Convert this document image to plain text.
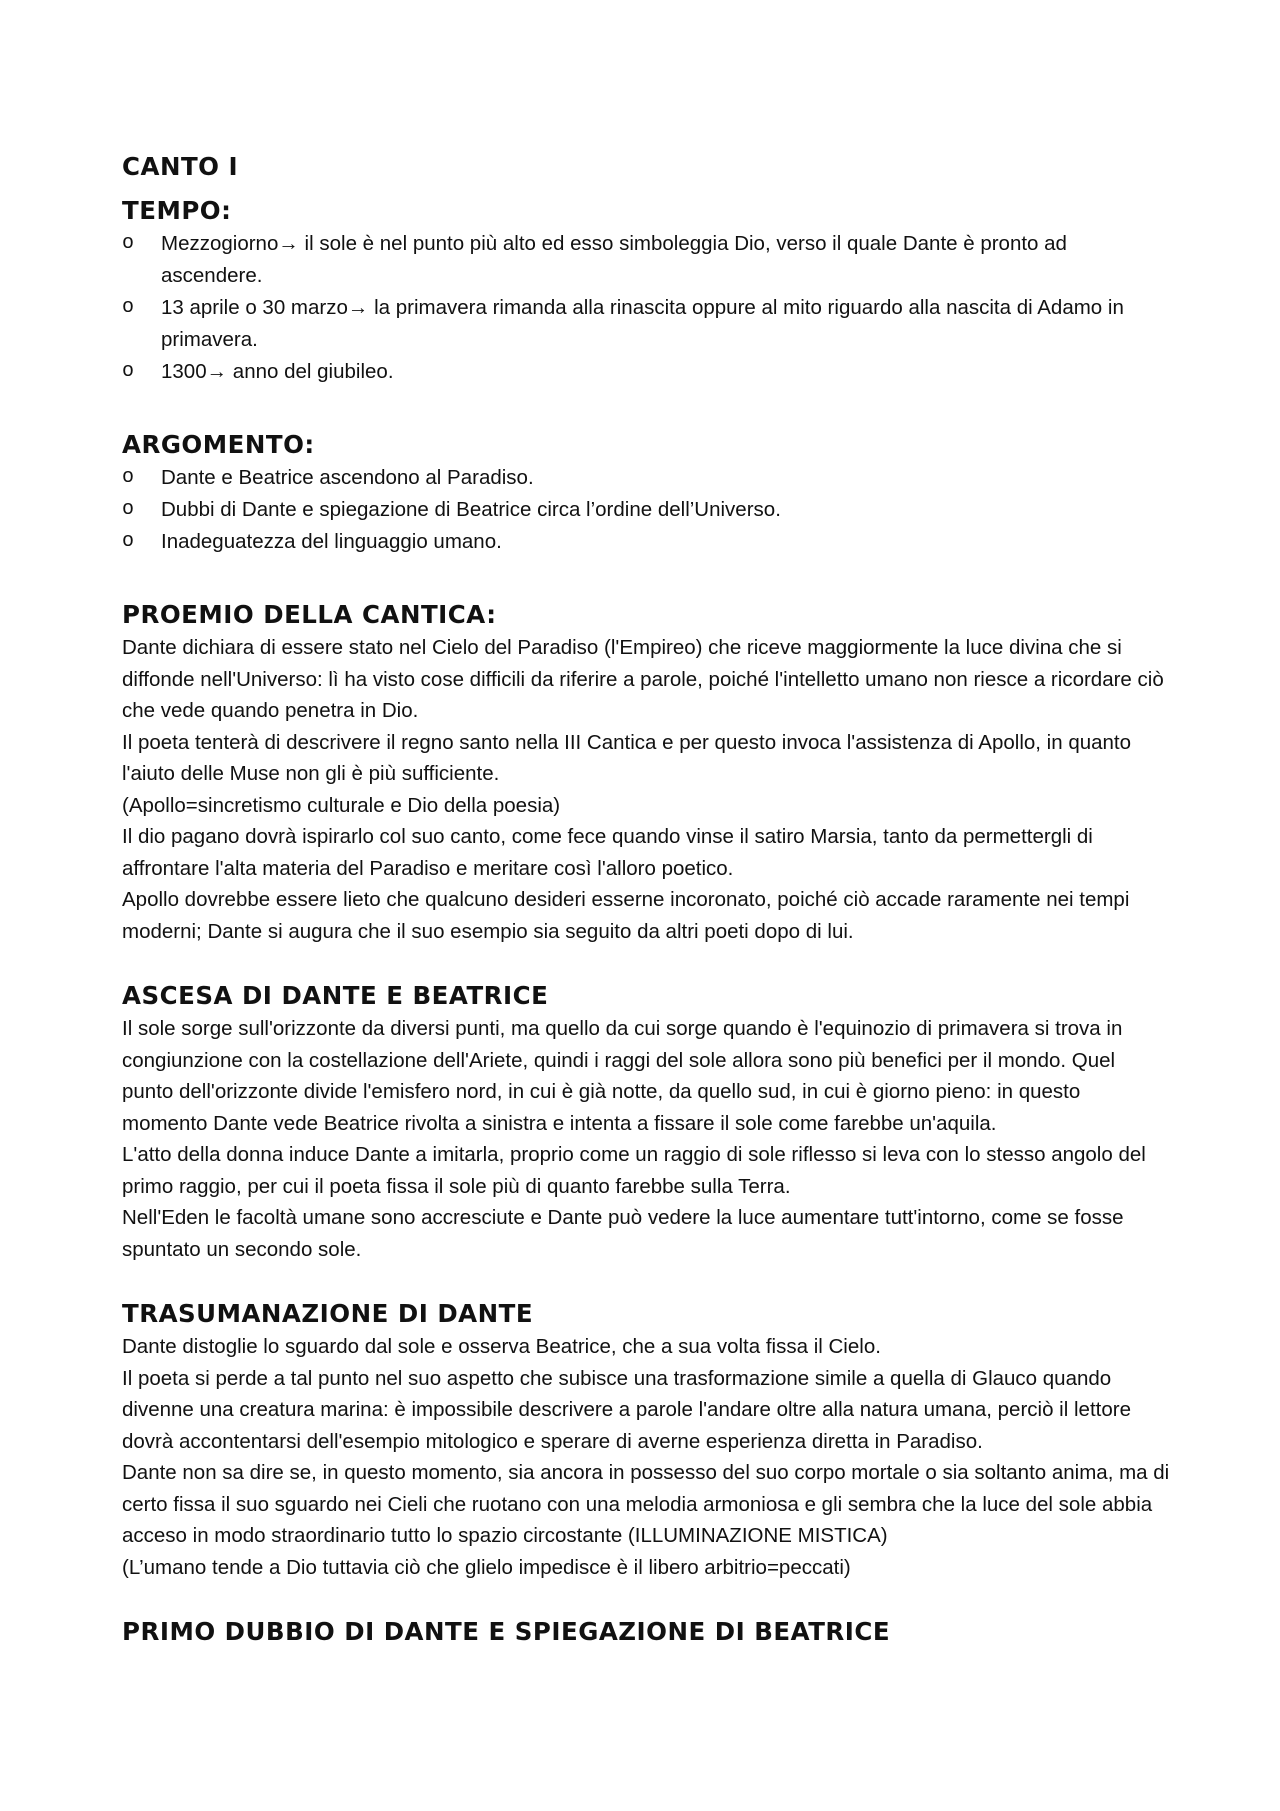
CANTO I
TEMPO:
o Mezzogiorno→ il sole è nel punto più alto ed esso simboleggia Dio, verso il quale Dante è pronto ad ascendere.
o 13 aprile o 30 marzo→ la primavera rimanda alla rinascita oppure al mito riguardo alla nascita di Adamo in primavera.
o 1300→ anno del giubileo.
ARGOMENTO:
o Dante e Beatrice ascendono al Paradiso.
o Dubbi di Dante e spiegazione di Beatrice circa l’ordine dell’Universo.
o Inadeguatezza del linguaggio umano.
PROEMIO DELLA CANTICA:

Dante dichiara di essere stato nel Cielo del Paradiso (l'Empireo) che riceve maggiormente la luce divina che si diffonde nell'Universo: lì ha visto cose difficili da riferire a parole, poiché l'intelletto umano non riesce a ricordare ciò che vede quando penetra in Dio.

Il poeta tenterà di descrivere il regno santo nella III Cantica e per questo invoca l'assistenza di Apollo, in quanto l'aiuto delle Muse non gli è più sufficiente.

(Apollo=sincretismo culturale e Dio della poesia)

Il dio pagano dovrà ispirarlo col suo canto, come fece quando vinse il satiro Marsia, tanto da permettergli di affrontare l'alta materia del Paradiso e meritare così l'alloro poetico.

Apollo dovrebbe essere lieto che qualcuno desideri esserne incoronato, poiché ciò accade raramente nei tempi moderni; Dante si augura che il suo esempio sia seguito da altri poeti dopo di lui.

ASCESA DI DANTE E BEATRICE

Il sole sorge sull'orizzonte da diversi punti, ma quello da cui sorge quando è l'equinozio di primavera si trova in congiunzione con la costellazione dell'Ariete, quindi i raggi del sole allora sono più benefici per il mondo. Quel punto dell'orizzonte divide l'emisfero nord, in cui è già notte, da quello sud, in cui è giorno pieno: in questo momento Dante vede Beatrice rivolta a sinistra e intenta a fissare il sole come farebbe un'aquila.

L'atto della donna induce Dante a imitarla, proprio come un raggio di sole riflesso si leva con lo stesso angolo del primo raggio, per cui il poeta fissa il sole più di quanto farebbe sulla Terra.

Nell'Eden le facoltà umane sono accresciute e Dante può vedere la luce aumentare tutt'intorno, come se fosse spuntato un secondo sole.

TRASUMANAZIONE DI DANTE

Dante distoglie lo sguardo dal sole e osserva Beatrice, che a sua volta fissa il Cielo.

Il poeta si perde a tal punto nel suo aspetto che subisce una trasformazione simile a quella di Glauco quando divenne una creatura marina: è impossibile descrivere a parole l'andare oltre alla natura umana, perciò il lettore dovrà accontentarsi dell'esempio mitologico e sperare di averne esperienza diretta in Paradiso.

Dante non sa dire se, in questo momento, sia ancora in possesso del suo corpo mortale o sia soltanto anima, ma di certo fissa il suo sguardo nei Cieli che ruotano con una melodia armoniosa e gli sembra che la luce del sole abbia acceso in modo straordinario tutto lo spazio circostante (ILLUMINAZIONE MISTICA)

(L’umano tende a Dio tuttavia ciò che glielo impedisce è il libero arbitrio=peccati)

PRIMO DUBBIO DI DANTE E SPIEGAZIONE DI BEATRICE
